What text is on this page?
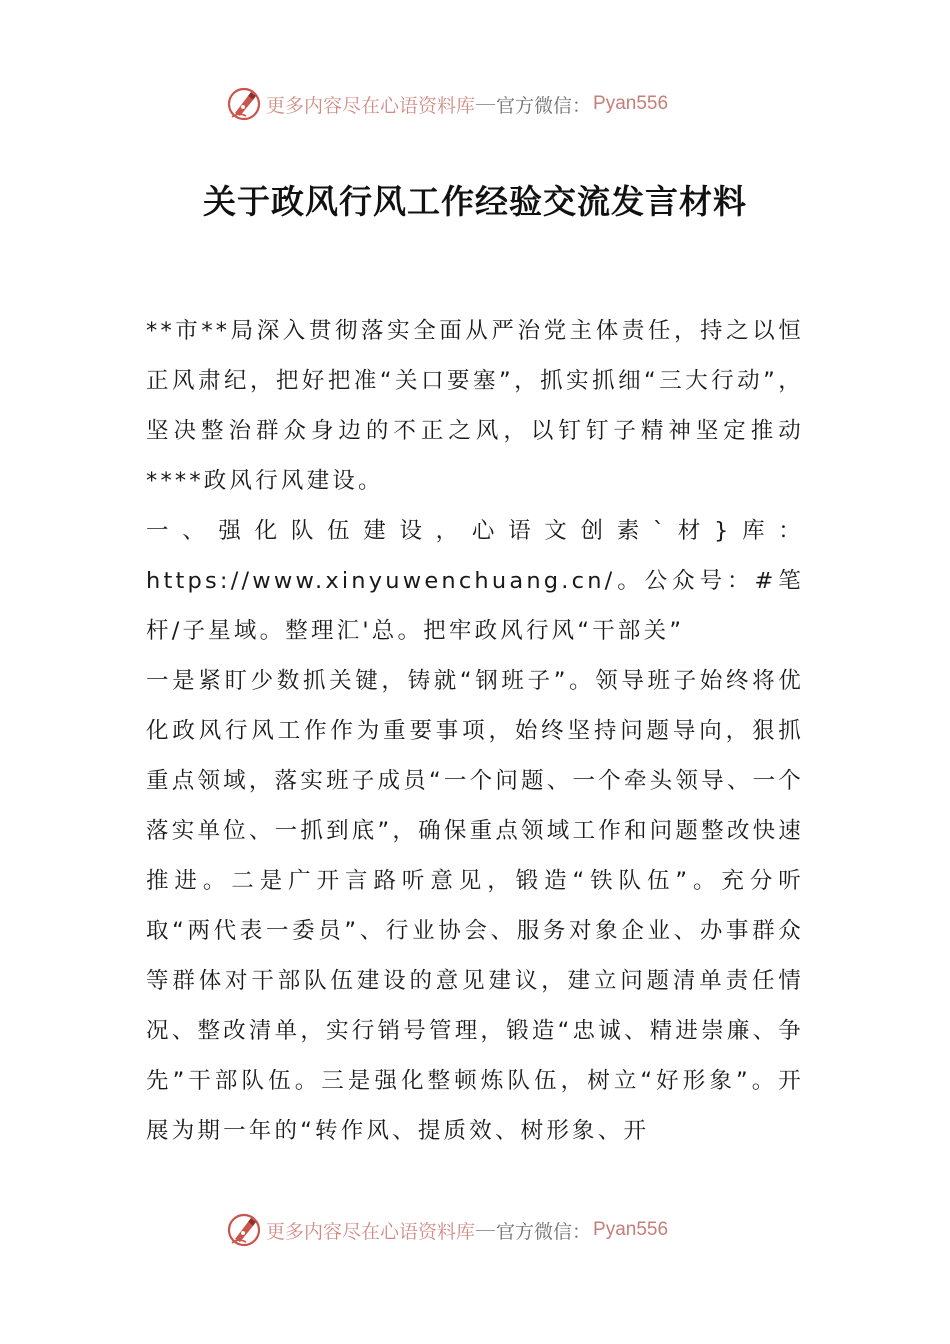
更多内容尽在心语资料库 — 官方微信： Pyan556
关于政风行风工作经验交流发言材料

**市**局深入贯彻落实全面从严治党主体责任，持之以恒正风肃纪，把好把准“关口要塞”，抓实抓细“三大行动”，坚决整治群众身边的不正之风，以钉钉子精神坚定推动****政风行风建设。

一、强化队伍建设，心语文创素`材}库：https://www.xinyuwenchuang.cn/。公众号：#笔杆/子星域。整理汇'总。把牢政风行风“干部关”

一是紧盯少数抓关键，铸就“钢班子”。领导班子始终将优化政风行风工作作为重要事项，始终坚持问题导向，狠抓重点领域，落实班子成员“一个问题、一个牵头领导、一个落实单位、一抓到底”，确保重点领域工作和问题整改快速推进。二是广开言路听意见，锻造“铁队伍”。充分听取“两代表一委员”、行业协会、服务对象企业、办事群众等群体对干部队伍建设的意见建议，建立问题清单责任情况、整改清单，实行销号管理，锻造“忠诚、精进崇廉、争先”干部队伍。三是强化整顿炼队伍，树立“好形象”。开展为期一年的“转作风、提质效、树形象、开

更多内容尽在心语资料库 — 官方微信： Pyan556
